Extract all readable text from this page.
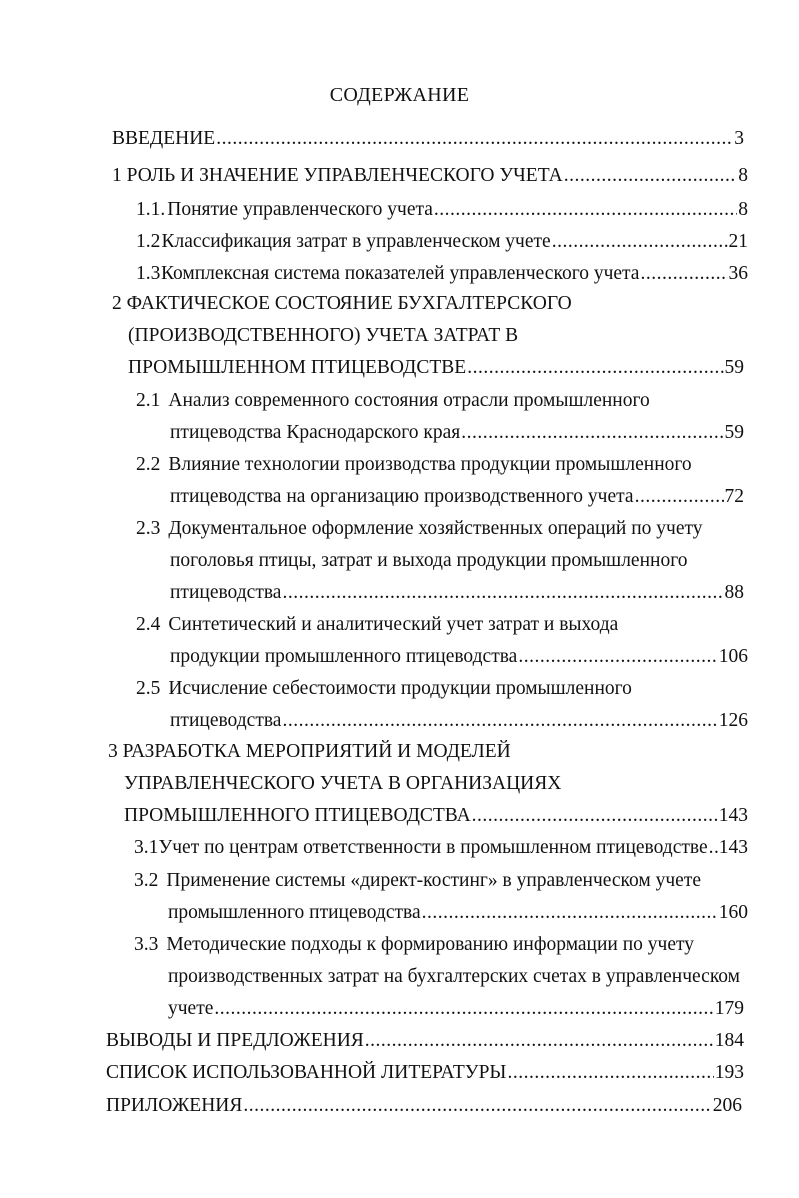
СОДЕРЖАНИЕ
ВВЕДЕНИЕ .....	3
1 РОЛЬ И ЗНАЧЕНИЕ УПРАВЛЕНЧЕСКОГО УЧЕТА .....	8
1.1. Понятие управленческого учета .....	8
1.2 Классификация затрат в управленческом учете .....	21
1.3 Комплексная система показателей управленческого учета .....	36
2 ФАКТИЧЕСКОЕ СОСТОЯНИЕ БУХГАЛТЕРСКОГО
(ПРОИЗВОДСТВЕННОГО) УЧЕТА ЗАТРАТ В
ПРОМЫШЛЕННОМ ПТИЦЕВОДСТВЕ .....	59
2.1 Анализ современного состояния отрасли промышленного
птицеводства Краснодарского края .....	59
2.2 Влияние технологии производства продукции промышленного
птицеводства на организацию производственного учета .....	72
2.3 Документальное оформление хозяйственных операций по учету
поголовья птицы, затрат и выхода продукции промышленного
птицеводства .....	88
2.4 Синтетический и аналитический учет затрат и выхода
продукции промышленного птицеводства .....	106
2.5 Исчисление себестоимости продукции промышленного
птицеводства .....	126
3 РАЗРАБОТКА МЕРОПРИЯТИЙ И МОДЕЛЕЙ
УПРАВЛЕНЧЕСКОГО УЧЕТА В ОРГАНИЗАЦИЯХ
ПРОМЫШЛЕННОГО ПТИЦЕВОДСТВА .....	143
3.1 Учет по центрам ответственности в промышленном птицеводстве ..... 143
3.2 Применение системы «директ-костинг» в управленческом учете
промышленного птицеводства .....	160
3.3 Методические подходы к формированию информации по учету
производственных затрат на бухгалтерских счетах в управленческом
учете .....	179
ВЫВОДЫ И ПРЕДЛОЖЕНИЯ .....	184
СПИСОК ИСПОЛЬЗОВАННОЙ ЛИТЕРАТУРЫ .....	193
ПРИЛОЖЕНИЯ .....	206
